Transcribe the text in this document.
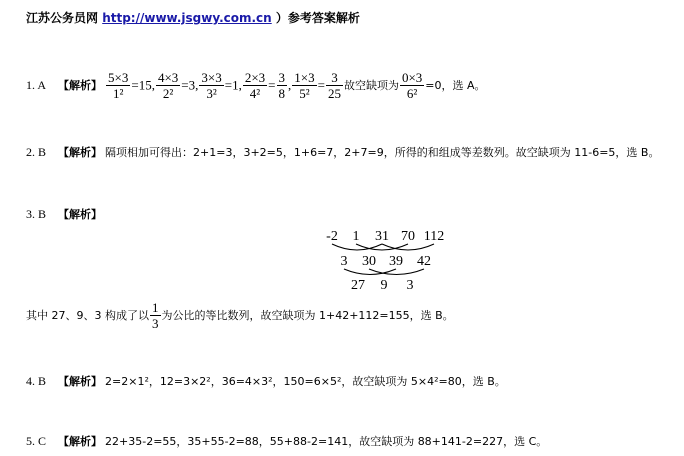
江苏公务员网 http://www.jsgwy.com.cn ）参考答案解析
1. A 【解析】 $\frac{5\times 3}{\text{1²}} =15$, $\frac{4\times 3}{\text{2²}} =3$, $\frac{3\times 3}{\text{3²}} =1$, $\frac{2\times 3}{\text{4²}} = \frac{3}{8}$ , $\frac{1\times 3}{\text{5²}} = \frac{3}{25}$ 故空缺项为 $\frac{0\times 3}{\text{6²}} =0$，选 A。
2. B 【解析】 隔项相加可得出：2+1=3，3+2=5，1+6=7，2+7=9，所得的和组成等差数列。故空缺项为 11-6=5，选 B。
3. B 【解析】
-2 1 31 70 112
3 30 39 42
27 9 3
其中 27、9、3 构成了以 $\frac{1}{3}$ 为公比的等比数列，故空缺项为 1+42+112=155，选 B。
4. B 【解析】 2=2×1²，12=3×2²，36=4×3²，150=6×5²，故空缺项为 5×4²=80，选 B。
5. C 【解析】 22+35-2=55，35+55-2=88，55+88-2=141，故空缺项为 88+141-2=227，选 C。
